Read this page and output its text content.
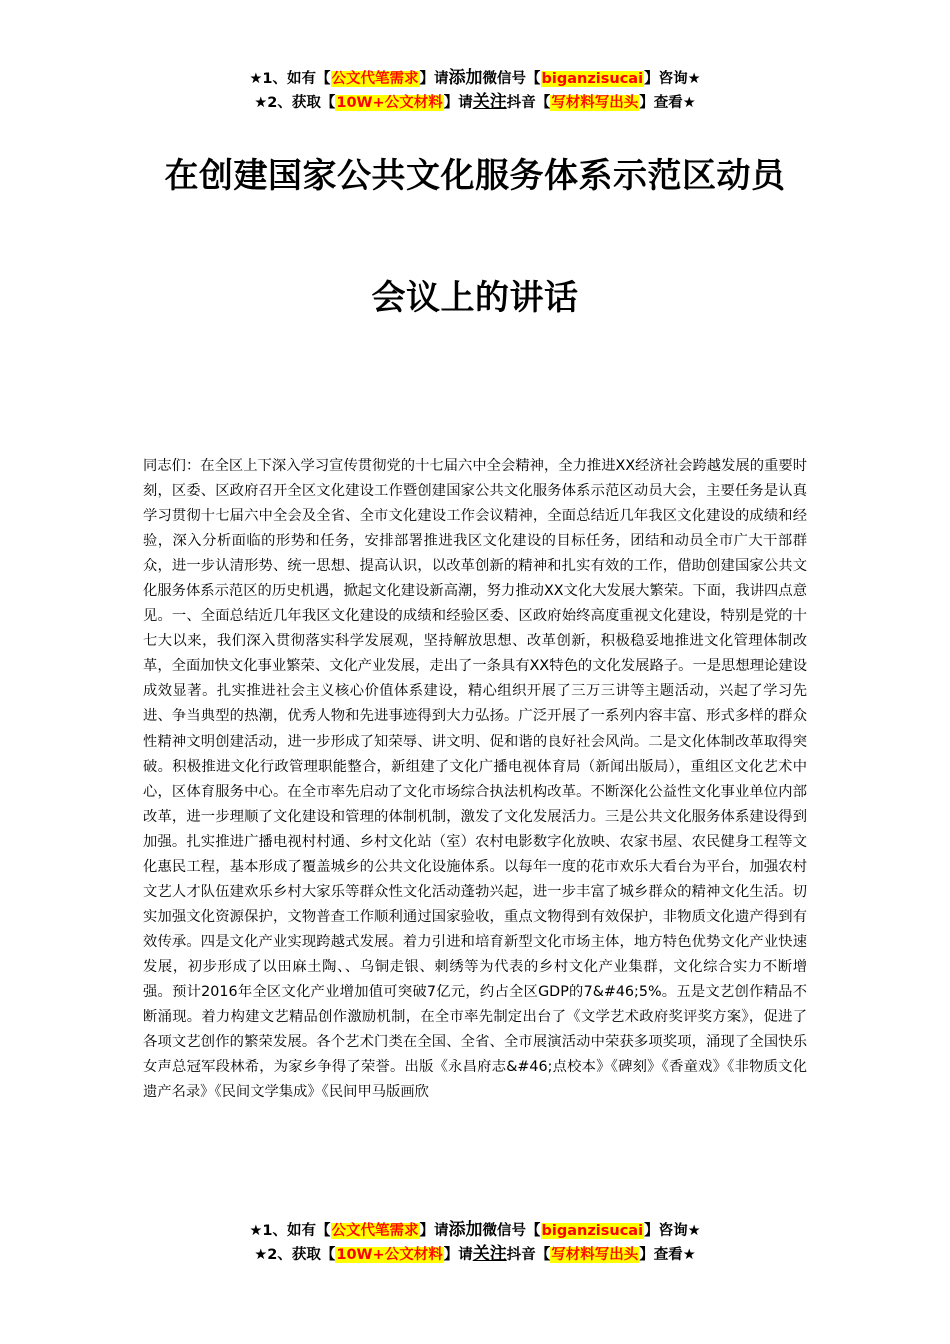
★1、如有【公文代笔需求】请添加微信号【biganzisucai】咨询★
★2、获取【10W+公文材料】请关注抖音【写材料写出头】查看★
在创建国家公共文化服务体系示范区动员
会议上的讲话
同志们：在全区上下深入学习宣传贯彻党的十七届六中全会精神，全力推进XX经济社会跨越发展的重要时刻，区委、区政府召开全区文化建设工作暨创建国家公共文化服务体系示范区动员大会，主要任务是认真学习贯彻十七届六中全会及全省、全市文化建设工作会议精神，全面总结近几年我区文化建设的成绩和经验，深入分析面临的形势和任务，安排部署推进我区文化建设的目标任务，团结和动员全市广大干部群众，进一步认清形势、统一思想、提高认识，以改革创新的精神和扎实有效的工作，借助创建国家公共文化服务体系示范区的历史机遇，掀起文化建设新高潮，努力推动XX文化大发展大繁荣。下面，我讲四点意见。一、全面总结近几年我区文化建设的成绩和经验区委、区政府始终高度重视文化建设，特别是党的十七大以来，我们深入贯彻落实科学发展观，坚持解放思想、改革创新，积极稳妥地推进文化管理体制改革，全面加快文化事业繁荣、文化产业发展，走出了一条具有XX特色的文化发展路子。一是思想理论建设成效显著。扎实推进社会主义核心价值体系建设，精心组织开展了三万三讲等主题活动，兴起了学习先进、争当典型的热潮，优秀人物和先进事迹得到大力弘扬。广泛开展了一系列内容丰富、形式多样的群众性精神文明创建活动，进一步形成了知荣辱、讲文明、促和谐的良好社会风尚。二是文化体制改革取得突破。积极推进文化行政管理职能整合，新组建了文化广播电视体育局（新闻出版局），重组区文化艺术中心，区体育服务中心。在全市率先启动了文化市场综合执法机构改革。不断深化公益性文化事业单位内部改革，进一步理顺了文化建设和管理的体制机制，激发了文化发展活力。三是公共文化服务体系建设得到加强。扎实推进广播电视村村通、乡村文化站（室）农村电影数字化放映、农家书屋、农民健身工程等文化惠民工程，基本形成了覆盖城乡的公共文化设施体系。以每年一度的花市欢乐大看台为平台，加强农村文艺人才队伍建欢乐乡村大家乐等群众性文化活动蓬勃兴起，进一步丰富了城乡群众的精神文化生活。切实加强文化资源保护，文物普查工作顺利通过国家验收，重点文物得到有效保护，非物质文化遗产得到有效传承。四是文化产业实现跨越式发展。着力引进和培育新型文化市场主体，地方特色优势文化产业快速发展，初步形成了以田麻土陶、、乌铜走银、刺绣等为代表的乡村文化产业集群，文化综合实力不断增强。预计2016年全区文化产业增加值可突破7亿元，约占全区GDP的7&#46;5%。五是文艺创作精品不断涌现。着力构建文艺精品创作激励机制，在全市率先制定出台了《文学艺术政府奖评奖方案》，促进了各项文艺创作的繁荣发展。各个艺术门类在全国、全省、全市展演活动中荣获多项奖项，涌现了全国快乐女声总冠军段林希，为家乡争得了荣誉。出版《永昌府志&#46;点校本》《碑刻》《香童戏》《非物质文化遗产名录》《民间文学集成》《民间甲马版画欣
★1、如有【公文代笔需求】请添加微信号【biganzisucai】咨询★
★2、获取【10W+公文材料】请关注抖音【写材料写出头】查看★
